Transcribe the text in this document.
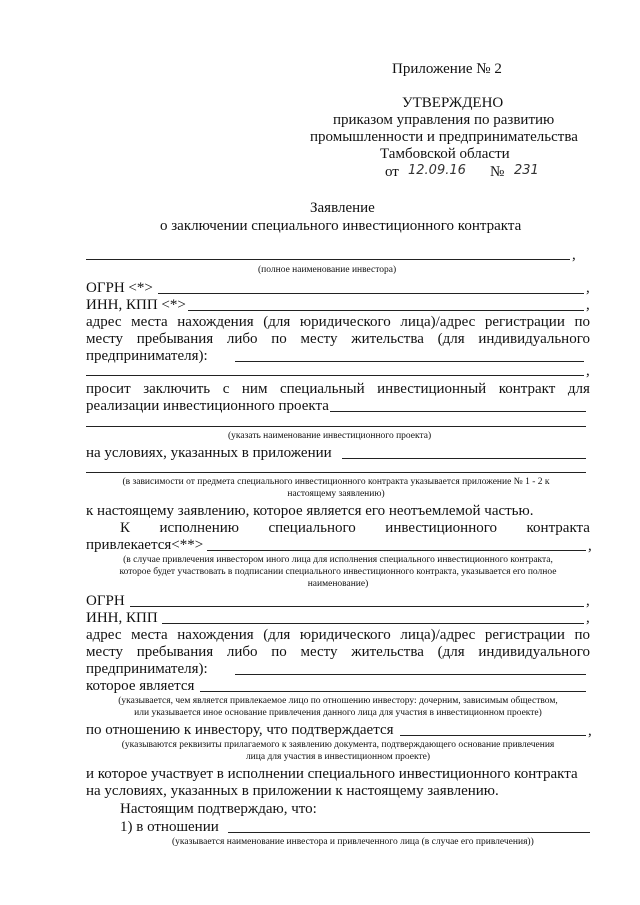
Приложение № 2
УТВЕРЖДЕНО
приказом управления по развитию
промышленности и предпринимательства
Тамбовской области
от 12.09.16 № 231
Заявление
о заключении специального инвестиционного контракта
,
(полное наименование инвестора)
ОГРН <*>	,
ИНН, КПП <*>	,
адрес места нахождения (для юридического лица)/адрес регистрации по
месту пребывания либо по месту жительства (для индивидуального
предпринимателя):
,
просит заключить с ним специальный инвестиционный контракт для
реализации инвестиционного проекта
(указать наименование инвестиционного проекта)
на условиях, указанных в приложении
(в зависимости от предмета специального инвестиционного контракта указывается приложение № 1 - 2 к
настоящему заявлению)
к настоящему заявлению, которое является его неотъемлемой частью.
К исполнению специального инвестиционного контракта
привлекается<**>	,
(в случае привлечения инвестором иного лица для исполнения специального инвестиционного контракта,
которое будет участвовать в подписании специального инвестиционного контракта, указывается его полное
наименование)
ОГРН	,
ИНН, КПП	,
адрес места нахождения (для юридического лица)/адрес регистрации по
месту пребывания либо по месту жительства (для индивидуального
предпринимателя):
которое является
(указывается, чем является привлекаемое лицо по отношению инвестору: дочерним, зависимым обществом,
или указывается иное основание привлечения данного лица для участия в инвестиционном проекте)
по отношению к инвестору, что подтверждается	,
(указываются реквизиты прилагаемого к заявлению документа, подтверждающего основание привлечения
лица для участия в инвестиционном проекте)
и которое участвует в исполнении специального инвестиционного контракта
на условиях, указанных в приложении к настоящему заявлению.
Настоящим подтверждаю, что:
1) в отношении
(указывается наименование инвестора и привлеченного лица (в случае его привлечения))
